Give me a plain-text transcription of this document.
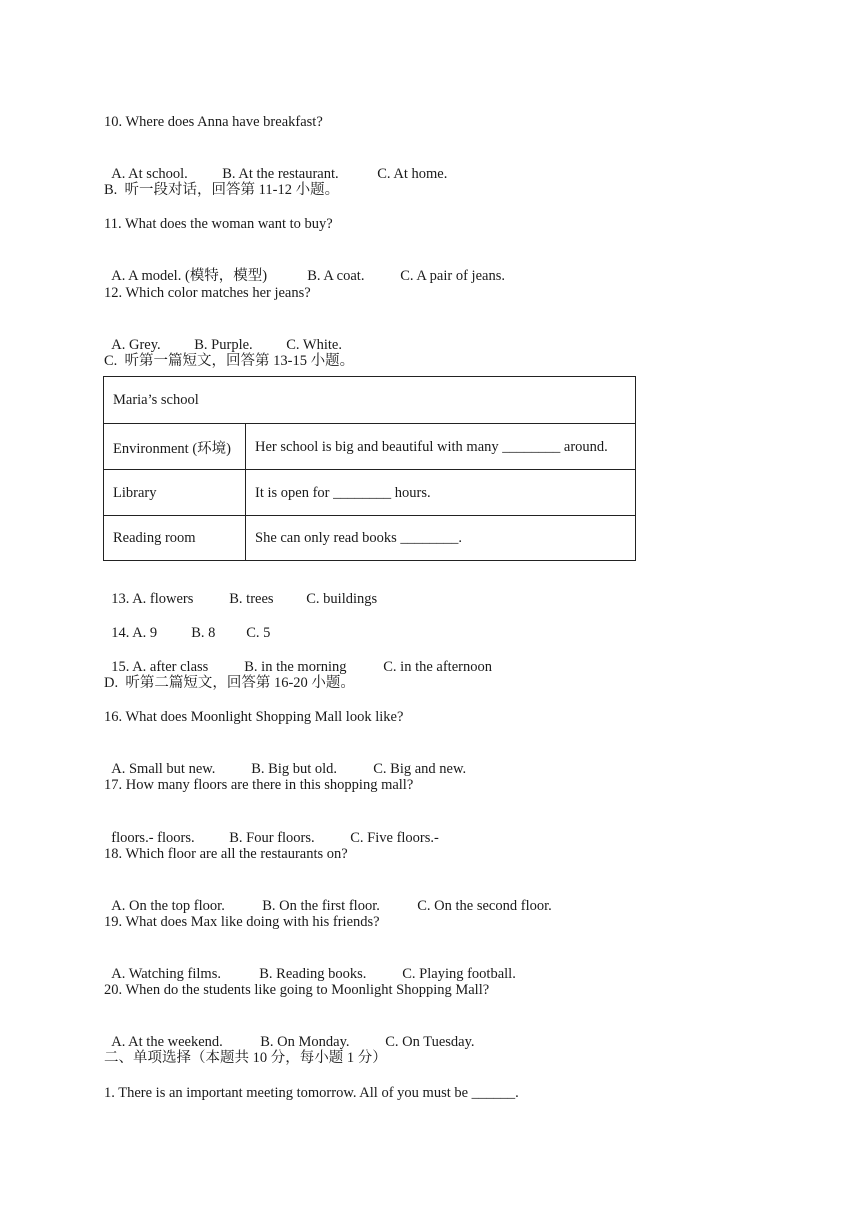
10. Where does Anna have breakfast?

A. At school. B. At the restaurant.	C. At home.

B.  听一段对话，回答第 11-12 小题。
11. What does the woman want to buy?

A. A model. (模特，模型)	B. A coat. C. A pair of jeans.

12. Which color matches her jeans?

A. Grey. B. Purple. C. White.

C.  听第一篇短文，回答第 13-15 小题。
Maria’s school
Environment (环境)	Her school is big and beautiful with many ________ around.
Library	It is open for ________ hours.
Reading room	She can only read books ________.

13. A. flowers B. trees C. buildings

14. A. 9 B. 8 C. 5

15. A. after class B. in the morning	C. in the afternoon

D.  听第二篇短文，回答第 16-20 小题。
16. What does Moonlight Shopping Mall look like?

A. Small but new. B. Big but old. C. Big and new.

17. How many floors are there in this shopping mall?

floors.- floors. B. Four floors. C. Five floors.-

18. Which floor are all the restaurants on?

A. On the top floor.	B. On the first floor.	C. On the second floor.

19. What does Max like doing with his friends?

A. Watching films.	B. Reading books. C. Playing football.

20. When do the students like going to Moonlight Shopping Mall?

A. At the weekend.	B. On Monday. C. On Tuesday.

二、单项选择（本题共 10 分，每小题 1 分）
1. There is an important meeting tomorrow. All of you must be ______.
